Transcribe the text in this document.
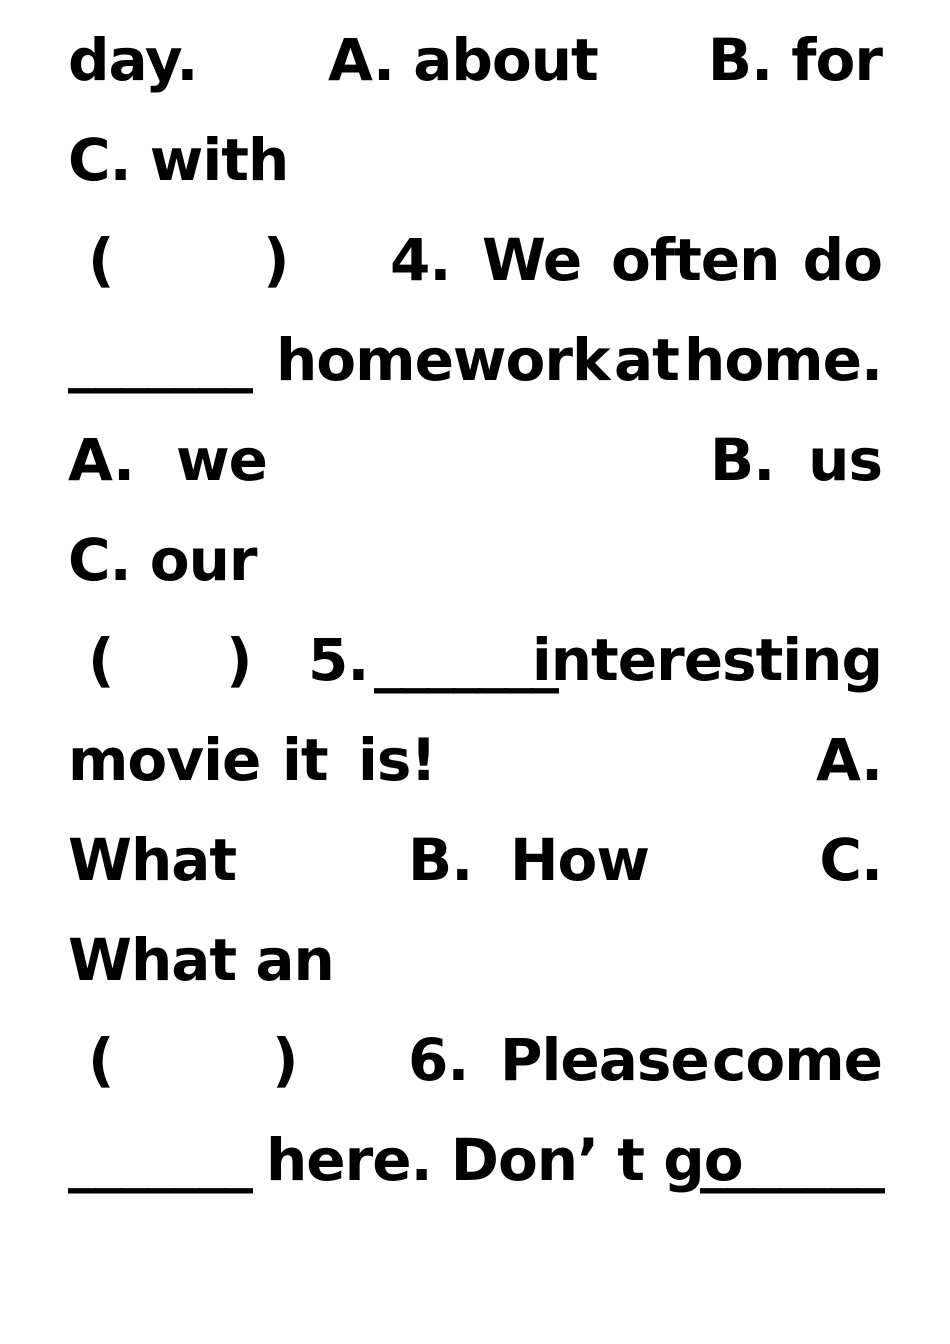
day. A. about B. for
C. with
(	) 4. We often do
_______ homework at home.
A. we	B. us
C. our
( ) 5. _______
interesting
movie it is!	A.
What	B. How	C.
What an
(	) 6. Please come
_______ here. Don’ t go
_______
